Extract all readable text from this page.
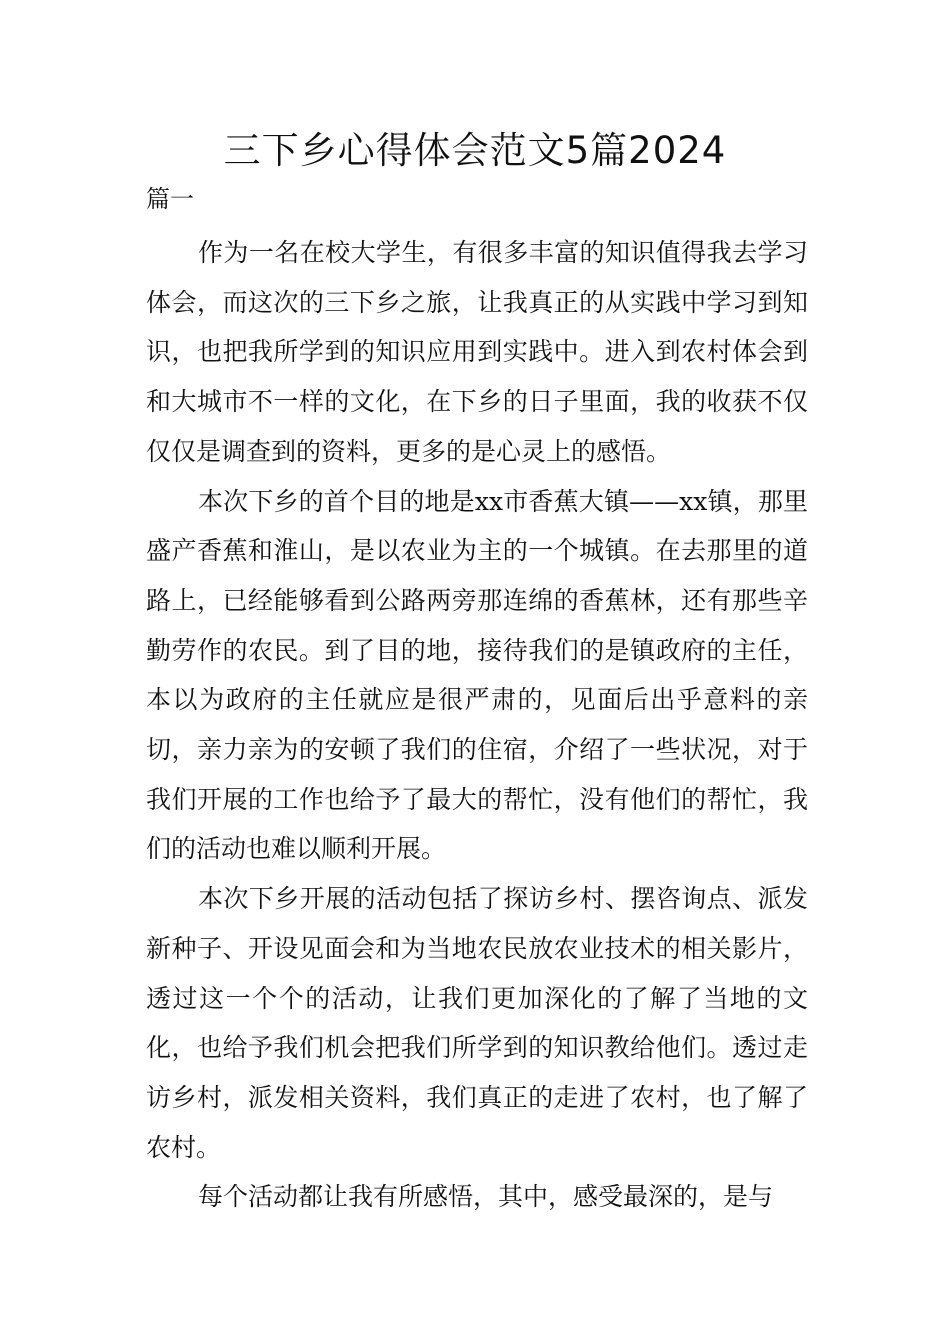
三下乡心得体会范文5篇2024

篇一

作为一名在校大学生，有很多丰富的知识值得我去学习体会，而这次的三下乡之旅，让我真正的从实践中学习到知识，也把我所学到的知识应用到实践中。进入到农村体会到和大城市不一样的文化，在下乡的日子里面，我的收获不仅仅仅是调查到的资料，更多的是心灵上的感悟。

本次下乡的首个目的地是xx市香蕉大镇——xx镇，那里盛产香蕉和淮山，是以农业为主的一个城镇。在去那里的道路上，已经能够看到公路两旁那连绵的香蕉林，还有那些辛勤劳作的农民。到了目的地，接待我们的是镇政府的主任，本以为政府的主任就应是很严肃的，见面后出乎意料的亲切，亲力亲为的安顿了我们的住宿，介绍了一些状况，对于我们开展的工作也给予了最大的帮忙，没有他们的帮忙，我们的活动也难以顺利开展。

本次下乡开展的活动包括了探访乡村、摆咨询点、派发新种子、开设见面会和为当地农民放农业技术的相关影片，透过这一个个的活动，让我们更加深化的了解了当地的文化，也给予我们机会把我们所学到的知识教给他们。透过走访乡村，派发相关资料，我们真正的走进了农村，也了解了农村。

每个活动都让我有所感悟，其中，感受最深的，是与
